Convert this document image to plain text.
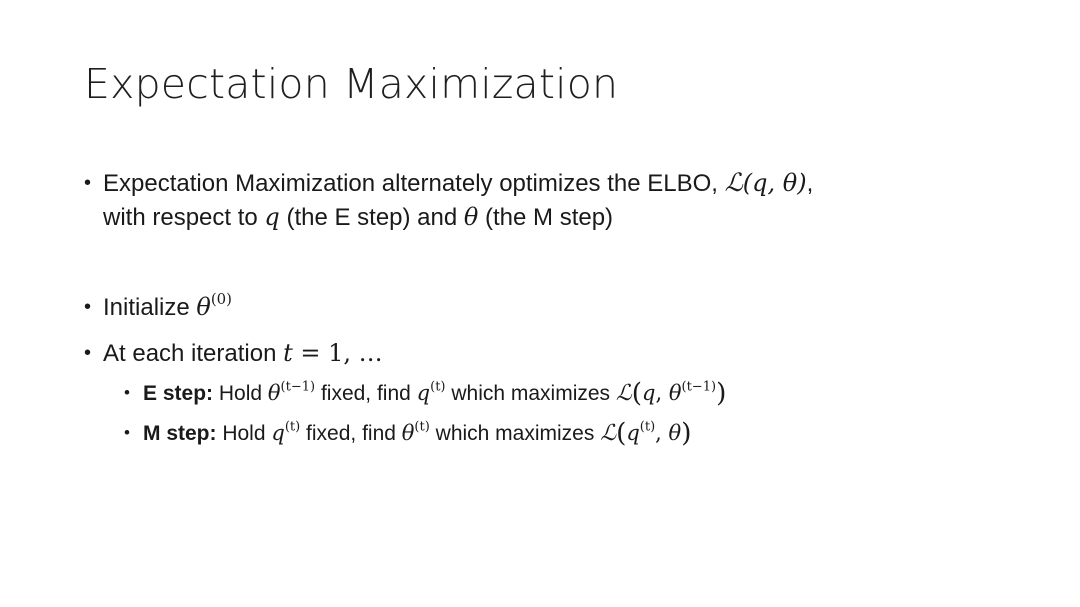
Expectation Maximization
• Expectation Maximization alternately optimizes the ELBO, ℒ(q, θ),
with respect to q (the E step) and θ (the M step)
• Initialize $\theta^{(0)}$
• At each iteration t = 1, …
• E step: Hold $\theta^{(t-1)}$ fixed, find $q^{(t)}$ which maximizes ℒ(q, $\theta^{(t-1)}$)
• M step: Hold $q^{(t)}$ fixed, find $\theta^{(t)}$ which maximizes $ℒ(q^{(t)}$, θ)
